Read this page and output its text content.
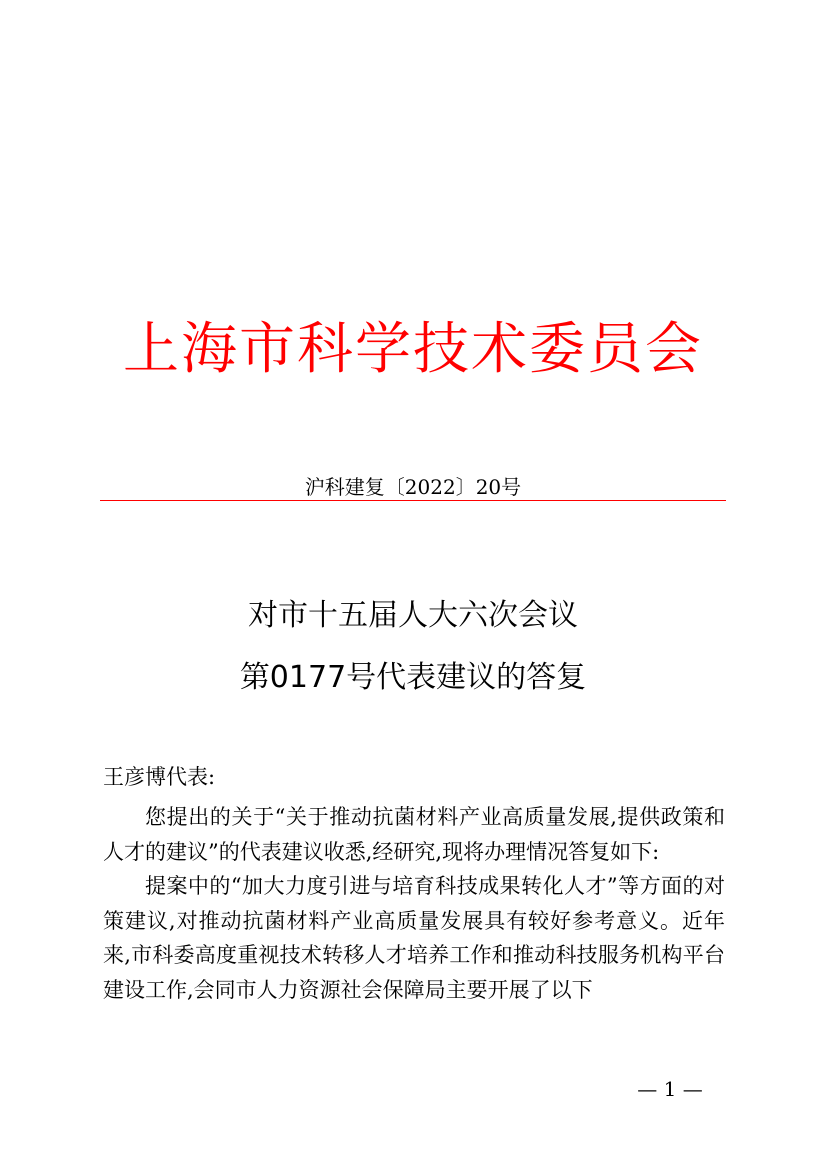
上海市科学技术委员会
沪科建复〔2022〕20号
对市十五届人大六次会议
第0177号代表建议的答复
王彦博代表:

您提出的关于“关于推动抗菌材料产业高质量发展,提供政策和人才的建议”的代表建议收悉,经研究,现将办理情况答复如下:

提案中的“加大力度引进与培育科技成果转化人才”等方面的对策建议,对推动抗菌材料产业高质量发展具有较好参考意义。近年来,市科委高度重视技术转移人才培养工作和推动科技服务机构平台建设工作,会同市人力资源社会保障局主要开展了以下

— 1 —
